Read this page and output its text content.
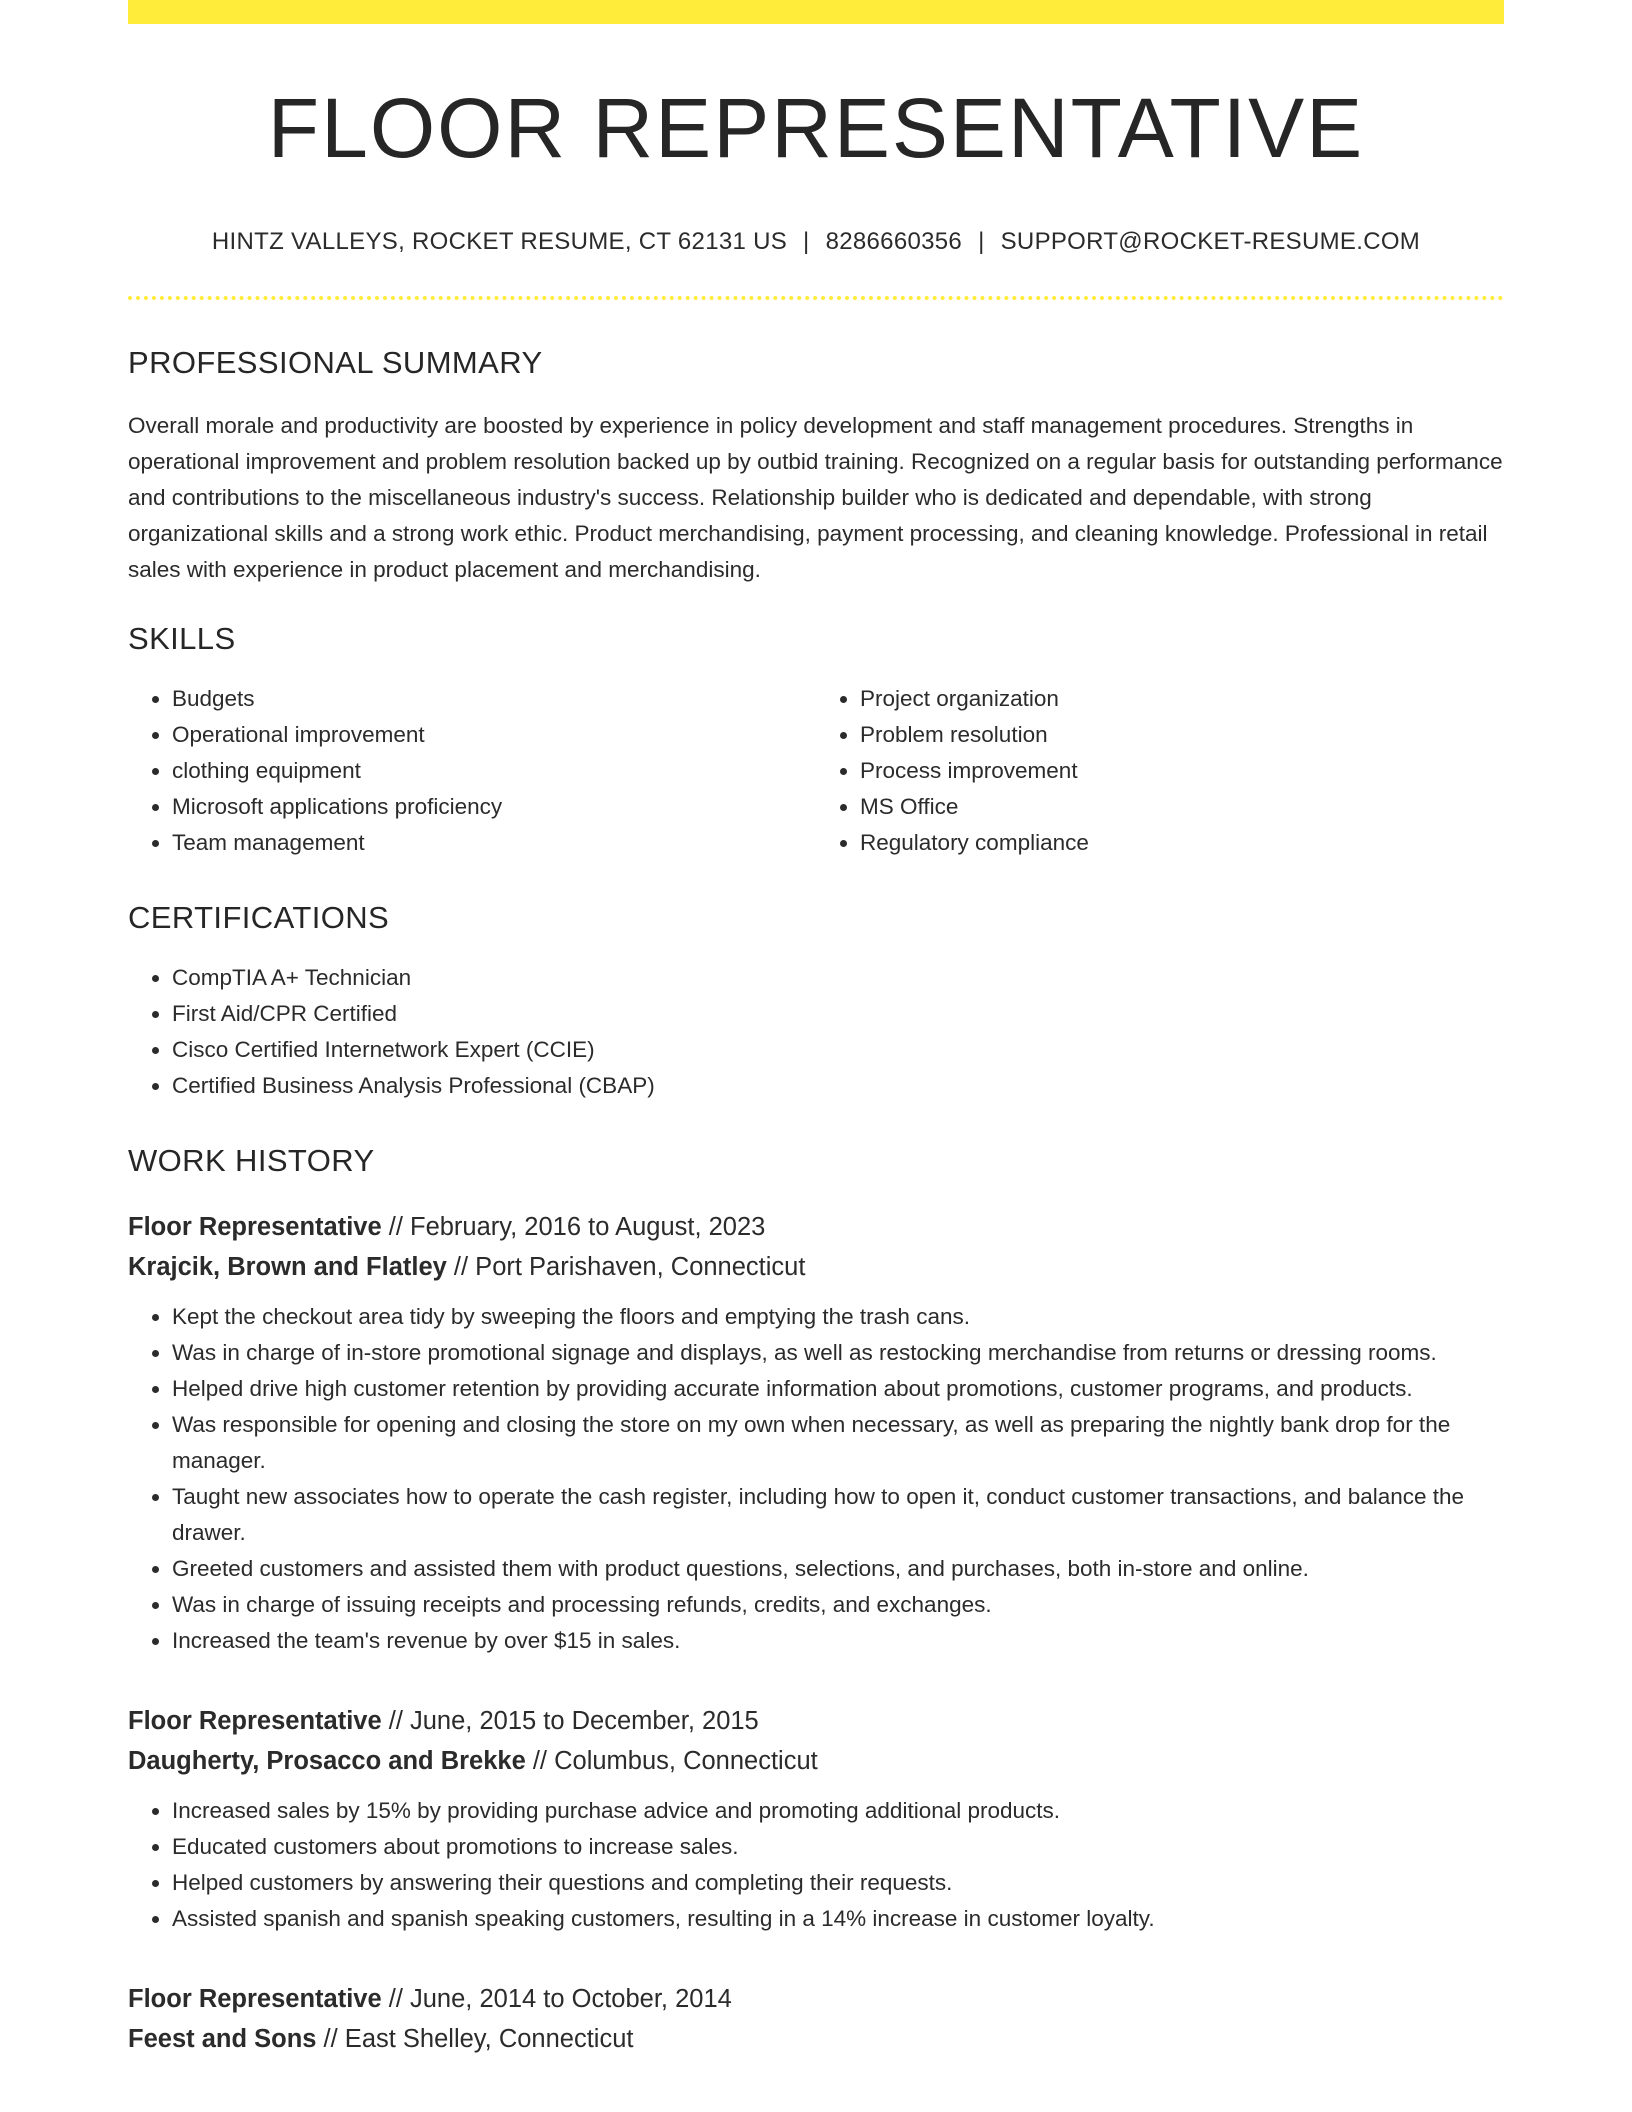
FLOOR REPRESENTATIVE
HINTZ VALLEYS, ROCKET RESUME, CT 62131 US | 8286660356 | SUPPORT@ROCKET-RESUME.COM
PROFESSIONAL SUMMARY

Overall morale and productivity are boosted by experience in policy development and staff management procedures. Strengths in operational improvement and problem resolution backed up by outbid training. Recognized on a regular basis for outstanding performance and contributions to the miscellaneous industry's success. Relationship builder who is dedicated and dependable, with strong organizational skills and a strong work ethic. Product merchandising, payment processing, and cleaning knowledge. Professional in retail sales with experience in product placement and merchandising.

SKILLS
• Budgets
• Operational improvement
• clothing equipment
• Microsoft applications proficiency
• Team management
• Project organization
• Problem resolution
• Process improvement
• MS Office
• Regulatory compliance
CERTIFICATIONS
• CompTIA A+ Technician
• First Aid/CPR Certified
• Cisco Certified Internetwork Expert (CCIE)
• Certified Business Analysis Professional (CBAP)
WORK HISTORY
Floor Representative // February, 2016 to August, 2023
Krajcik, Brown and Flatley // Port Parishaven, Connecticut
• Kept the checkout area tidy by sweeping the floors and emptying the trash cans.
• Was in charge of in-store promotional signage and displays, as well as restocking merchandise from returns or dressing rooms.
• Helped drive high customer retention by providing accurate information about promotions, customer programs, and products.
• Was responsible for opening and closing the store on my own when necessary, as well as preparing the nightly bank drop for the manager.
• Taught new associates how to operate the cash register, including how to open it, conduct customer transactions, and balance the drawer.
• Greeted customers and assisted them with product questions, selections, and purchases, both in-store and online.
• Was in charge of issuing receipts and processing refunds, credits, and exchanges.
• Increased the team's revenue by over $15 in sales.
Floor Representative // June, 2015 to December, 2015
Daugherty, Prosacco and Brekke // Columbus, Connecticut
• Increased sales by 15% by providing purchase advice and promoting additional products.
• Educated customers about promotions to increase sales.
• Helped customers by answering their questions and completing their requests.
• Assisted spanish and spanish speaking customers, resulting in a 14% increase in customer loyalty.
Floor Representative // June, 2014 to October, 2014
Feest and Sons // East Shelley, Connecticut
